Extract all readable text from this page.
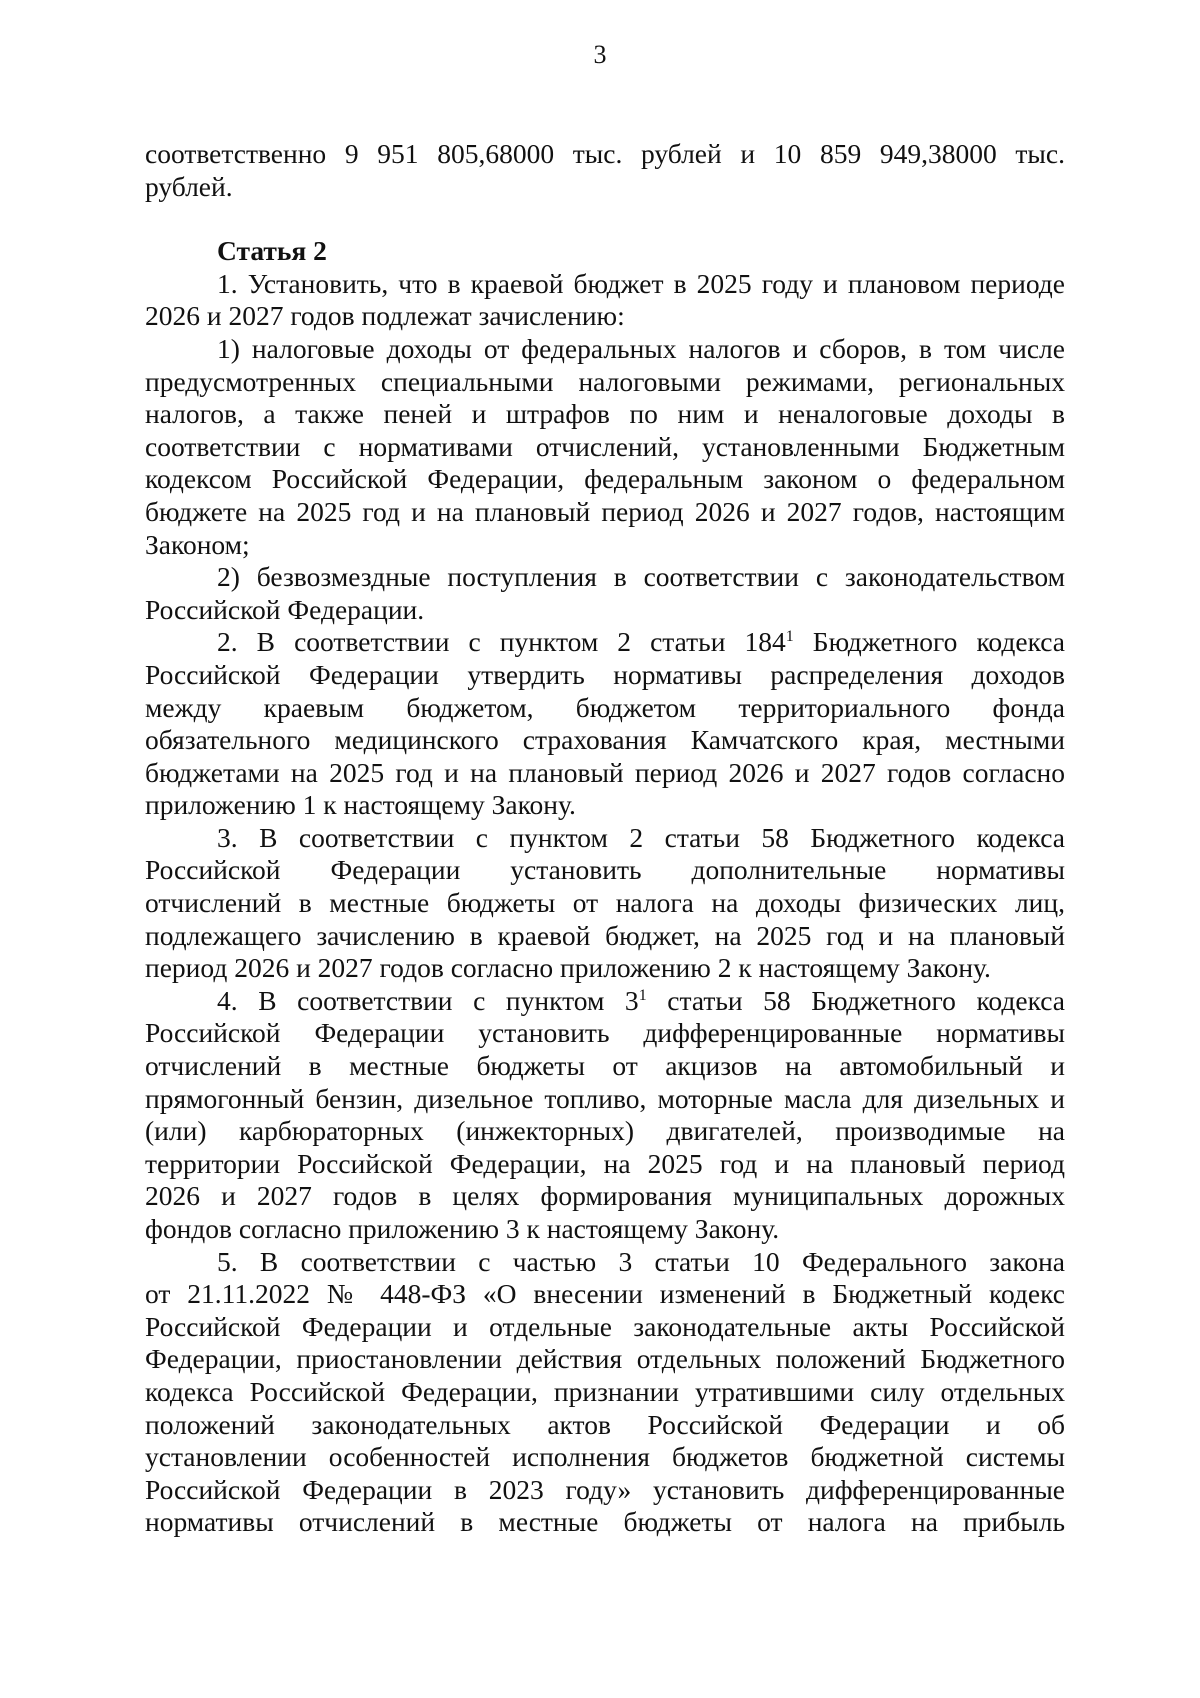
3
соответственно 9 951 805,68000 тыс. рублей и 10 859 949,38000 тыс.
рублей.
Статья 2
1. Установить, что в краевой бюджет в 2025 году и плановом периоде
2026 и 2027 годов подлежат зачислению:
1) налоговые доходы от федеральных налогов и сборов, в том числе
предусмотренных специальными налоговыми режимами, региональных
налогов, а также пеней и штрафов по ним и неналоговые доходы в
соответствии с нормативами отчислений, установленными Бюджетным
кодексом Российской Федерации, федеральным законом о федеральном
бюджете на 2025 год и на плановый период 2026 и 2027 годов, настоящим
Законом;
2) безвозмездные поступления в соответствии с законодательством
Российской Федерации.
2. В соответствии с пунктом 2 статьи $184^1$ Бюджетного кодекса
Российской Федерации утвердить нормативы распределения доходов
между краевым бюджетом, бюджетом территориального фонда
обязательного медицинского страхования Камчатского края, местными
бюджетами на 2025 год и на плановый период 2026 и 2027 годов согласно
приложению 1 к настоящему Закону.
3. В соответствии с пунктом 2 статьи 58 Бюджетного кодекса
Российской Федерации установить дополнительные нормативы
отчислений в местные бюджеты от налога на доходы физических лиц,
подлежащего зачислению в краевой бюджет, на 2025 год и на плановый
период 2026 и 2027 годов согласно приложению 2 к настоящему Закону.
4. В соответствии с пунктом $3^1$ статьи 58 Бюджетного кодекса
Российской Федерации установить дифференцированные нормативы
отчислений в местные бюджеты от акцизов на автомобильный и
прямогонный бензин, дизельное топливо, моторные масла для дизельных и
(или) карбюраторных (инжекторных) двигателей, производимые на
территории Российской Федерации, на 2025 год и на плановый период
2026 и 2027 годов в целях формирования муниципальных дорожных
фондов согласно приложению 3 к настоящему Закону.
5. В соответствии с частью 3 статьи 10 Федерального закона
от 21.11.2022 № 448-ФЗ «О внесении изменений в Бюджетный кодекс
Российской Федерации и отдельные законодательные акты Российской
Федерации, приостановлении действия отдельных положений Бюджетного
кодекса Российской Федерации, признании утратившими силу отдельных
положений законодательных актов Российской Федерации и об
установлении особенностей исполнения бюджетов бюджетной системы
Российской Федерации в 2023 году» установить дифференцированные
нормативы отчислений в местные бюджеты от налога на прибыль
